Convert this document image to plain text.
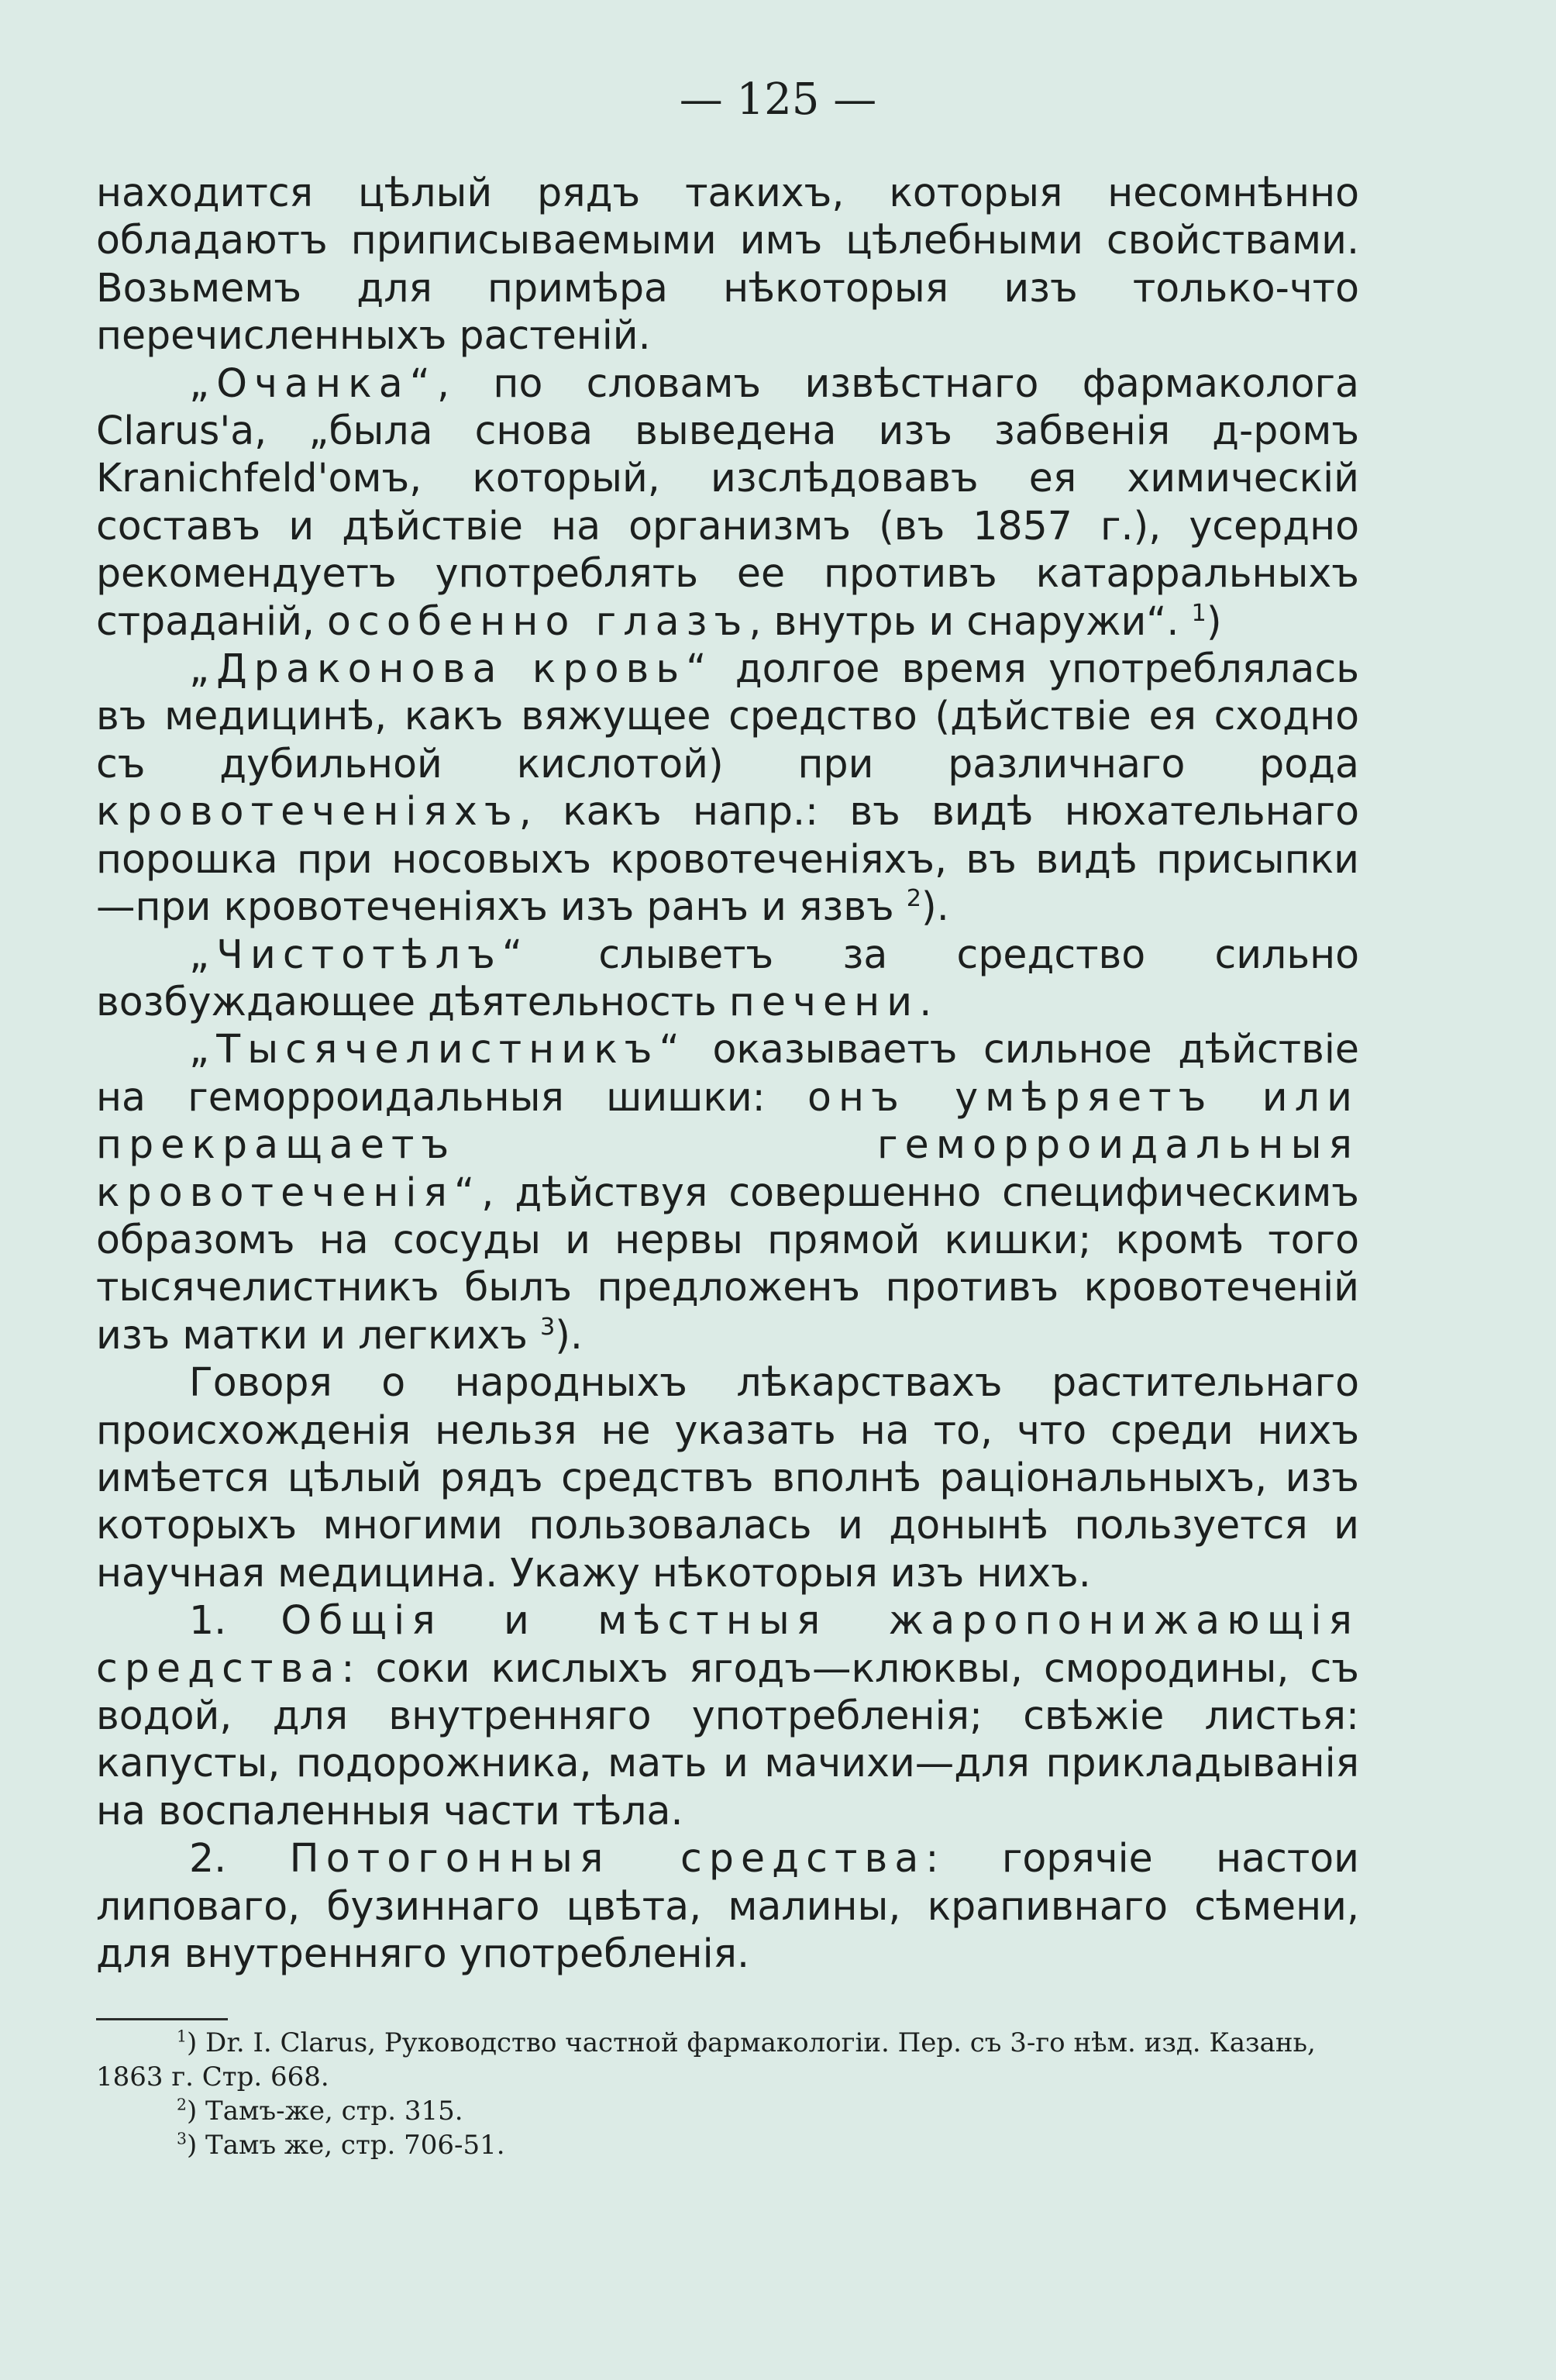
— 125 —

находится цѣлый рядъ такихъ, которыя несомнѣнно обладаютъ приписываемыми имъ цѣлебными свойствами. Возьмемъ для примѣра нѣкоторыя изъ только-что перечисленныхъ растенiй.

„Очанка“, по словамъ извѣстнаго фармаколога Clarus'a, „была снова выведена изъ забвенiя д-ромъ Kranichfeld'омъ, который, изслѣдовавъ ея химическiй составъ и дѣйствiе на организмъ (въ 1857 г.), усердно рекомендуетъ употреблять ее противъ катарральныхъ страданiй, особенно глазъ, внутрь и снаружи“. $^1$)

„Драконова кровь“ долгое время употреблялась въ медицинѣ, какъ вяжущее средство (дѣйствiе ея сходно съ дубильной кислотой) при различнаго рода кровотеченiяхъ, какъ напр.: въ видѣ нюхательнаго порошка при носовыхъ кровотеченiяхъ, въ видѣ присыпки—при кровотеченiяхъ изъ ранъ и язвъ $^2$).

„Чистотѣлъ“ слыветъ за средство сильно возбуждающее дѣятельность печени.

„Тысячелистникъ“ оказываетъ сильное дѣйствiе на геморроидальныя шишки: онъ умѣряетъ или прекращаетъ геморроидальныя кровотеченiя“, дѣйствуя совершенно специфическимъ образомъ на сосуды и нервы прямой кишки; кромѣ того тысячелистникъ былъ предложенъ противъ кровотеченiй изъ матки и легкихъ $^3$).

Говоря о народныхъ лѣкарствахъ растительнаго происхожденiя нельзя не указать на то, что среди нихъ имѣется цѣлый рядъ средствъ вполнѣ рацiональныхъ, изъ которыхъ многими пользовалась и донынѣ пользуется и научная медицина. Укажу нѣкоторыя изъ нихъ.

1. Общiя и мѣстныя жаропонижающiя средства: соки кислыхъ ягодъ—клюквы, смородины, съ водой, для внутренняго употребленiя; свѣжiе листья: капусты, подорожника, мать и мачихи—для прикладыванiя на воспаленныя части тѣла.

2. Потогонныя средства: горячiе настои липоваго, бузиннаго цвѣта, малины, крапивнаго сѣмени, для внутренняго употребленiя.

$^1$) Dr. I. Clarus, Руководство частной фармакологiи. Пер. съ 3-го нѣм. изд. Казань, 1863 г. Стр. 668.

$^2$) Тамъ-же, стр. 315.

$^3$) Тамъ же, стр. 706-51.
